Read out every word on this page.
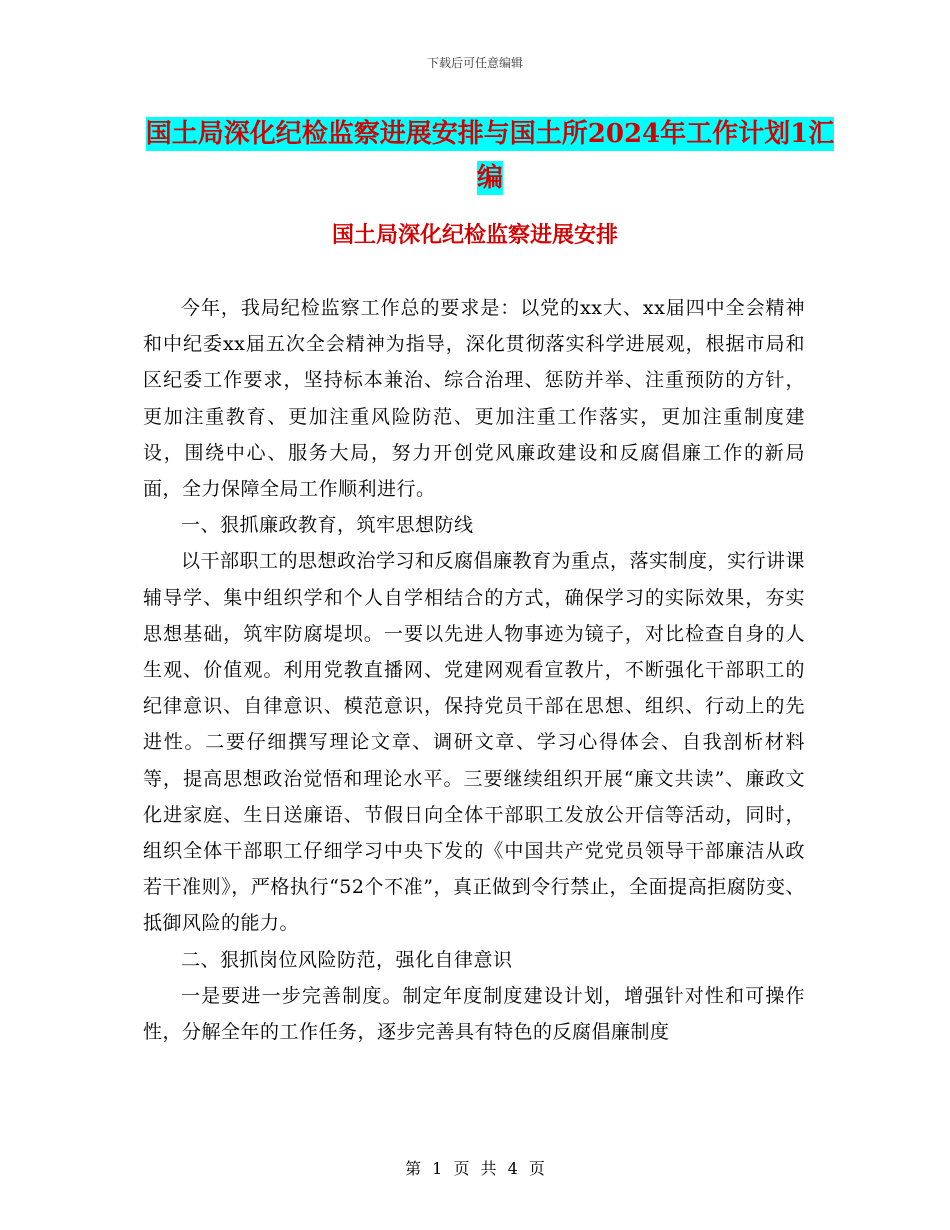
下载后可任意编辑
国土局深化纪检监察进展安排与国土所2024年工作计划1汇编
国土局深化纪检监察进展安排

今年，我局纪检监察工作总的要求是：以党的xx大、xx届四中全会精神和中纪委xx届五次全会精神为指导，深化贯彻落实科学进展观，根据市局和区纪委工作要求，坚持标本兼治、综合治理、惩防并举、注重预防的方针，更加注重教育、更加注重风险防范、更加注重工作落实，更加注重制度建设，围绕中心、服务大局，努力开创党风廉政建设和反腐倡廉工作的新局面，全力保障全局工作顺利进行。

一、狠抓廉政教育，筑牢思想防线

以干部职工的思想政治学习和反腐倡廉教育为重点，落实制度，实行讲课辅导学、集中组织学和个人自学相结合的方式，确保学习的实际效果，夯实思想基础，筑牢防腐堤坝。一要以先进人物事迹为镜子，对比检查自身的人生观、价值观。利用党教直播网、党建网观看宣教片，不断强化干部职工的纪律意识、自律意识、模范意识，保持党员干部在思想、组织、行动上的先进性。二要仔细撰写理论文章、调研文章、学习心得体会、自我剖析材料等，提高思想政治觉悟和理论水平。三要继续组织开展“廉文共读”、廉政文化进家庭、生日送廉语、节假日向全体干部职工发放公开信等活动，同时，组织全体干部职工仔细学习中央下发的《中国共产党党员领导干部廉洁从政若干准则》，严格执行“52个不准”，真正做到令行禁止，全面提高拒腐防变、抵御风险的能力。

二、狠抓岗位风险防范，强化自律意识

一是要进一步完善制度。制定年度制度建设计划，增强针对性和可操作性，分解全年的工作任务，逐步完善具有特色的反腐倡廉制度

第 1 页 共 4 页
